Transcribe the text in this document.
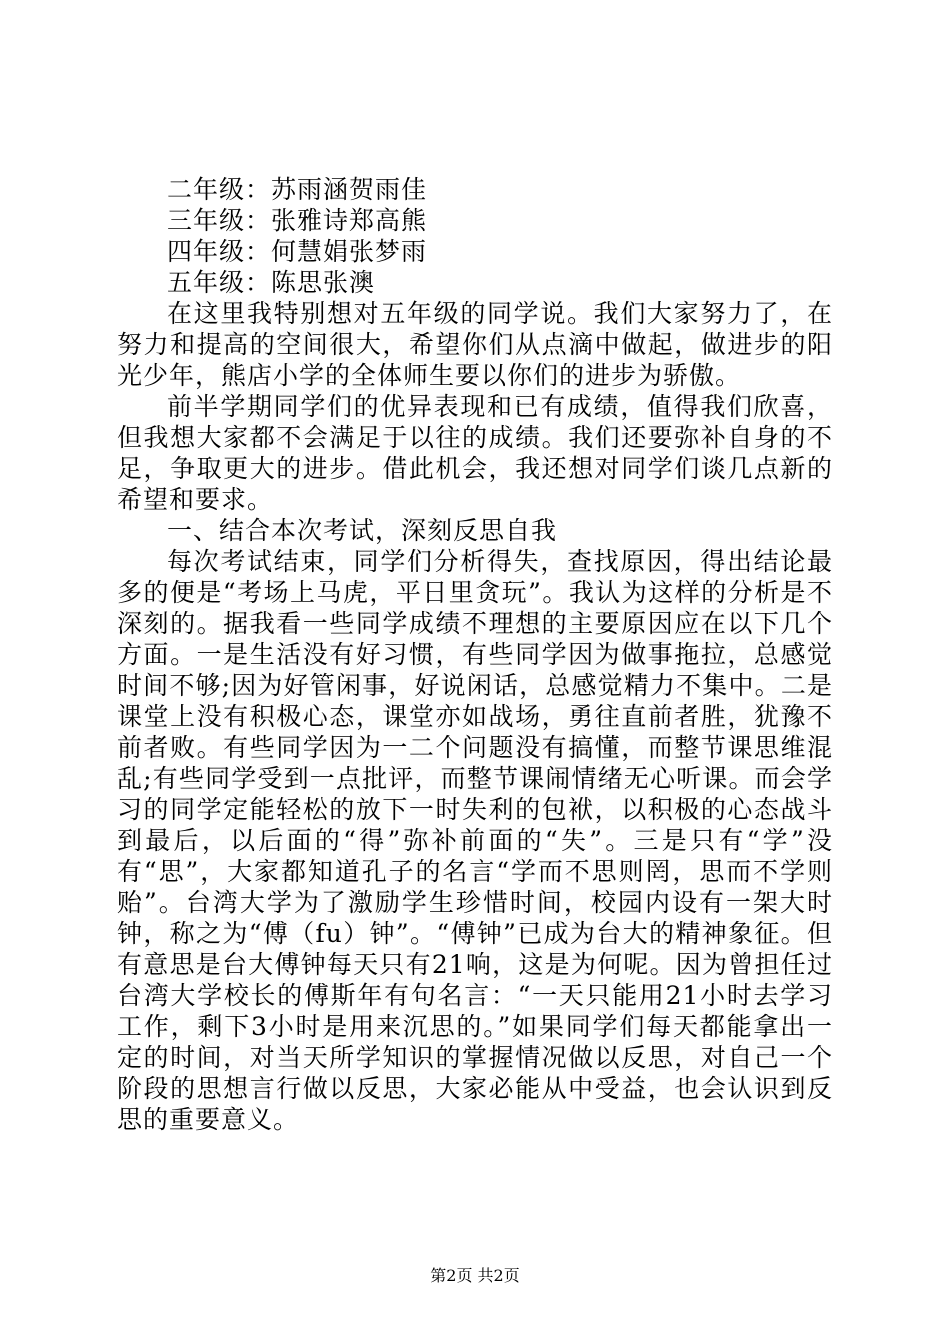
二年级：苏雨涵贺雨佳

三年级：张雅诗郑高熊

四年级：何慧娟张梦雨

五年级：陈思张澳

在这里我特别想对五年级的同学说。我们大家努力了，在努力和提高的空间很大，希望你们从点滴中做起，做进步的阳光少年，熊店小学的全体师生要以你们的进步为骄傲。

前半学期同学们的优异表现和已有成绩，值得我们欣喜，但我想大家都不会满足于以往的成绩。我们还要弥补自身的不足，争取更大的进步。借此机会，我还想对同学们谈几点新的希望和要求。

一、结合本次考试，深刻反思自我

每次考试结束，同学们分析得失，查找原因，得出结论最多的便是“考场上马虎，平日里贪玩”。我认为这样的分析是不深刻的。据我看一些同学成绩不理想的主要原因应在以下几个方面。一是生活没有好习惯，有些同学因为做事拖拉，总感觉时间不够;因为好管闲事，好说闲话，总感觉精力不集中。二是课堂上没有积极心态，课堂亦如战场，勇往直前者胜，犹豫不前者败。有些同学因为一二个问题没有搞懂，而整节课思维混乱;有些同学受到一点批评，而整节课闹情绪无心听课。而会学习的同学定能轻松的放下一时失利的包袱，以积极的心态战斗到最后，以后面的“得”弥补前面的“失”。三是只有“学”没有“思”，大家都知道孔子的名言“学而不思则罔，思而不学则贻”。台湾大学为了激励学生珍惜时间，校园内设有一架大时钟，称之为“傅（fu）钟”。“傅钟”已成为台大的精神象征。但有意思是台大傅钟每天只有21响，这是为何呢。因为曾担任过台湾大学校长的傅斯年有句名言：“一天只能用21小时去学习工作，剩下3小时是用来沉思的。”如果同学们每天都能拿出一定的时间，对当天所学知识的掌握情况做以反思，对自己一个阶段的思想言行做以反思，大家必能从中受益，也会认识到反思的重要意义。

第2页 共2页
